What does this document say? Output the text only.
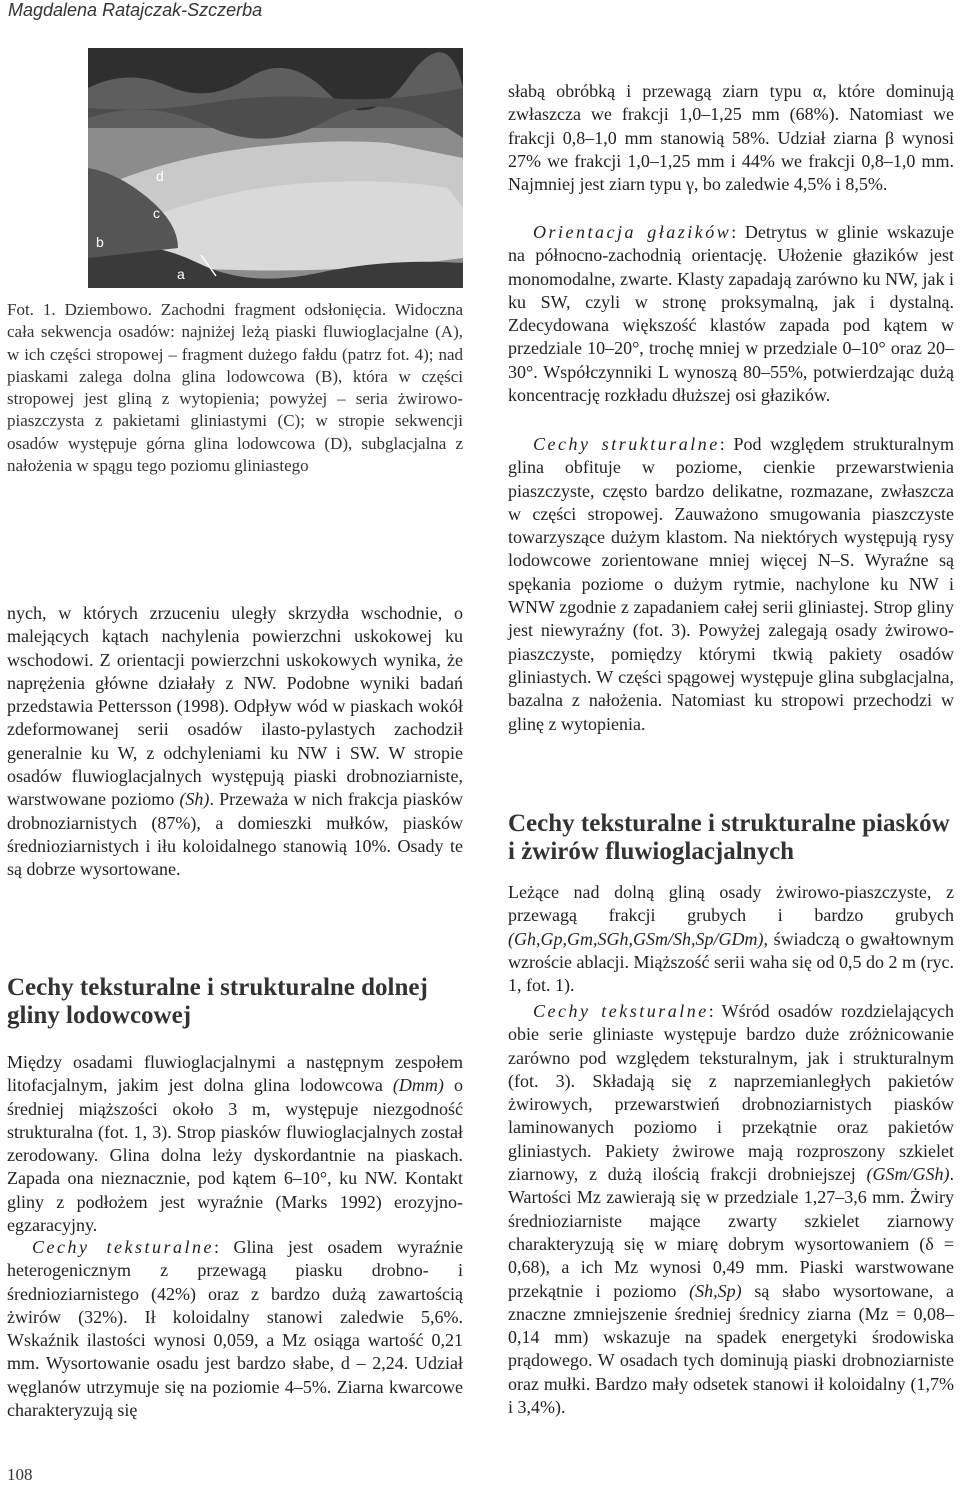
Magdalena Ratajczak-Szczerba
d
c
b
a
Fot. 1. Dziembowo. Zachodni fragment odsłonięcia. Widoczna cała sekwencja osadów: najniżej leżą piaski fluwioglacjalne (A), w ich części stropowej – fragment dużego fałdu (patrz fot. 4); nad piaskami zalega dolna glina lodowcowa (B), która w części stropowej jest gliną z wytopienia; powyżej – seria żwirowo-piaszczysta z pakietami gliniastymi (C); w stropie sekwencji osadów występuje górna glina lodowcowa (D), subglacjalna z nałożenia w spągu tego poziomu gliniastego
nych, w których zrzuceniu uległy skrzydła wschodnie, o malejących kątach nachylenia powierzchni uskokowej ku wschodowi. Z orientacji powierzchni uskokowych wynika, że naprężenia główne działały z NW. Podobne wyniki badań przedstawia Pettersson (1998). Odpływ wód w piaskach wokół zdeformowanej serii osadów ilasto-pylastych zachodził generalnie ku W, z odchyleniami ku NW i SW. W stropie osadów fluwioglacjalnych występują piaski drobnoziarniste, warstwowane poziomo (Sh). Przeważa w nich frakcja piasków drobnoziarnistych (87%), a domieszki mułków, piasków średnioziarnistych i iłu koloidalnego stanowią 10%. Osady te są dobrze wysortowane.
Cechy teksturalne i strukturalne dolnej gliny lodowcowej
Między osadami fluwioglacjalnymi a następnym zespołem litofacjalnym, jakim jest dolna glina lodowcowa (Dmm) o średniej miąższości około 3 m, występuje niezgodność strukturalna (fot. 1, 3). Strop piasków fluwioglacjalnych został zerodowany. Glina dolna leży dyskordantnie na piaskach. Zapada ona nieznacznie, pod kątem 6–10°, ku NW. Kontakt gliny z podłożem jest wyraźnie (Marks 1992) erozyjno-egzaracyjny.
Cechy teksturalne: Glina jest osadem wyraźnie heterogenicznym z przewagą piasku drobno- i średnioziarnistego (42%) oraz z bardzo dużą zawartością żwirów (32%). Ił koloidalny stanowi zaledwie 5,6%. Wskaźnik ilastości wynosi 0,059, a Mz osiąga wartość 0,21 mm. Wysortowanie osadu jest bardzo słabe, d – 2,24. Udział węglanów utrzymuje się na poziomie 4–5%. Ziarna kwarcowe charakteryzują się
słabą obróbką i przewagą ziarn typu α, które dominują zwłaszcza we frakcji 1,0–1,25 mm (68%). Natomiast we frakcji 0,8–1,0 mm stanowią 58%. Udział ziarna β wynosi 27% we frakcji 1,0–1,25 mm i 44% we frakcji 0,8–1,0 mm. Najmniej jest ziarn typu γ, bo zaledwie 4,5% i 8,5%.
Orientacja głazików: Detrytus w glinie wskazuje na północno-zachodnią orientację. Ułożenie głazików jest monomodalne, zwarte. Klasty zapadają zarówno ku NW, jak i ku SW, czyli w stronę proksymalną, jak i dystalną. Zdecydowana większość klastów zapada pod kątem w przedziale 10–20°, trochę mniej w przedziale 0–10° oraz 20–30°. Współczynniki L wynoszą 80–55%, potwierdzając dużą koncentrację rozkładu dłuższej osi głazików.
Cechy strukturalne: Pod względem strukturalnym glina obfituje w poziome, cienkie przewarstwienia piaszczyste, często bardzo delikatne, rozmazane, zwłaszcza w części stropowej. Zauważono smugowania piaszczyste towarzyszące dużym klastom. Na niektórych występują rysy lodowcowe zorientowane mniej więcej N–S. Wyraźne są spękania poziome o dużym rytmie, nachylone ku NW i WNW zgodnie z zapadaniem całej serii gliniastej. Strop gliny jest niewyraźny (fot. 3). Powyżej zalegają osady żwirowo-piaszczyste, pomiędzy którymi tkwią pakiety osadów gliniastych. W części spągowej występuje glina subglacjalna, bazalna z nałożenia. Natomiast ku stropowi przechodzi w glinę z wytopienia.
Cechy teksturalne i strukturalne piasków i żwirów fluwioglacjalnych
Leżące nad dolną gliną osady żwirowo-piaszczyste, z przewagą frakcji grubych i bardzo grubych (Gh,Gp,Gm,SGh,GSm/Sh,Sp/GDm), świadczą o gwałtownym wzroście ablacji. Miąższość serii waha się od 0,5 do 2 m (ryc. 1, fot. 1).
Cechy teksturalne: Wśród osadów rozdzielających obie serie gliniaste występuje bardzo duże zróżnicowanie zarówno pod względem teksturalnym, jak i strukturalnym (fot. 3). Składają się z naprzemianległych pakietów żwirowych, przewarstwień drobnoziarnistych piasków laminowanych poziomo i przekątnie oraz pakietów gliniastych. Pakiety żwirowe mają rozproszony szkielet ziarnowy, z dużą ilością frakcji drobniejszej (GSm/GSh). Wartości Mz zawierają się w przedziale 1,27–3,6 mm. Żwiry średnioziarniste mające zwarty szkielet ziarnowy charakteryzują się w miarę dobrym wysortowaniem (δ = 0,68), a ich Mz wynosi 0,49 mm. Piaski warstwowane przekątnie i poziomo (Sh,Sp) są słabo wysortowane, a znaczne zmniejszenie średniej średnicy ziarna (Mz = 0,08–0,14 mm) wskazuje na spadek energetyki środowiska prądowego. W osadach tych dominują piaski drobnoziarniste oraz mułki. Bardzo mały odsetek stanowi ił koloidalny (1,7% i 3,4%).
108
